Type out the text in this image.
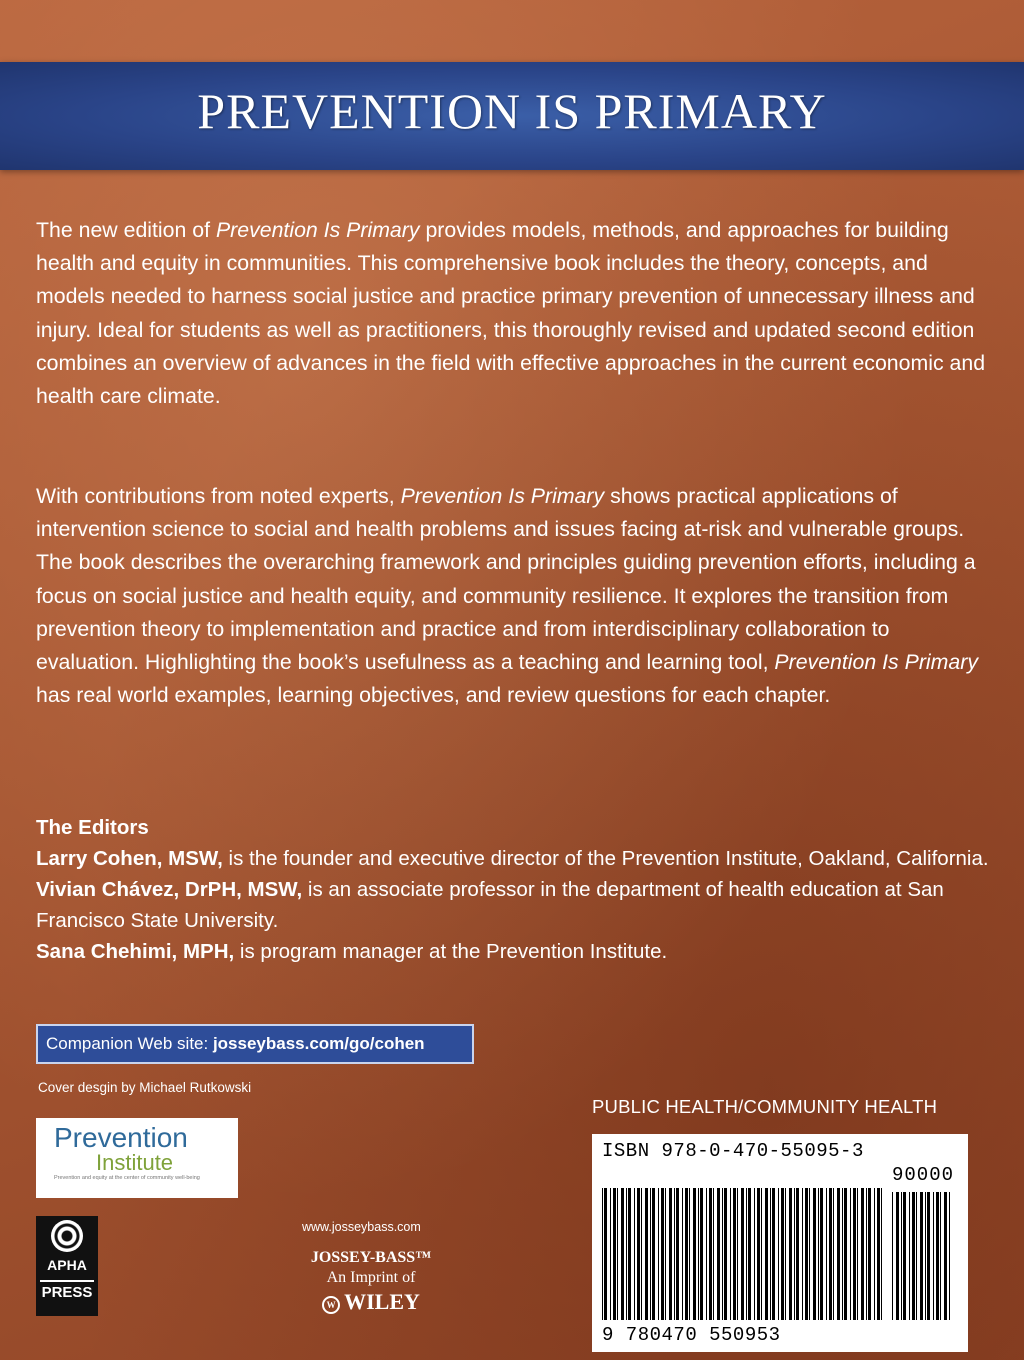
PREVENTION IS PRIMARY

The new edition of Prevention Is Primary provides models, methods, and approaches for building health and equity in communities. This comprehensive book includes the theory, concepts, and models needed to harness social justice and practice primary prevention of unnecessary illness and injury. Ideal for students as well as practitioners, this thoroughly revised and updated second edition combines an overview of advances in the field with effective approaches in the current economic and health care climate.

With contributions from noted experts, Prevention Is Primary shows practical applications of intervention science to social and health problems and issues facing at-risk and vulnerable groups. The book describes the overarching framework and principles guiding prevention efforts, including a focus on social justice and health equity, and community resilience. It explores the transition from prevention theory to implementation and practice and from interdisciplinary collaboration to evaluation. Highlighting the book’s usefulness as a teaching and learning tool, Prevention Is Primary has real world examples, learning objectives, and review questions for each chapter.

The Editors
Larry Cohen, MSW, is the founder and executive director of the Prevention Institute, Oakland, California.
Vivian Chávez, DrPH, MSW, is an associate professor in the department of health education at San Francisco State University.
Sana Chehimi, MPH, is program manager at the Prevention Institute.
Companion Web site: josseybass.com/go/cohen
Cover desgin by Michael Rutkowski
PUBLIC HEALTH/COMMUNITY HEALTH
Prevention
Institute
Prevention and equity at the center of community well-being
APHA
PRESS
www.josseybass.com
JOSSEY-BASS™
An Imprint of
W WILEY
ISBN 978-0-470-55095-3
90000
9 780470 550953
